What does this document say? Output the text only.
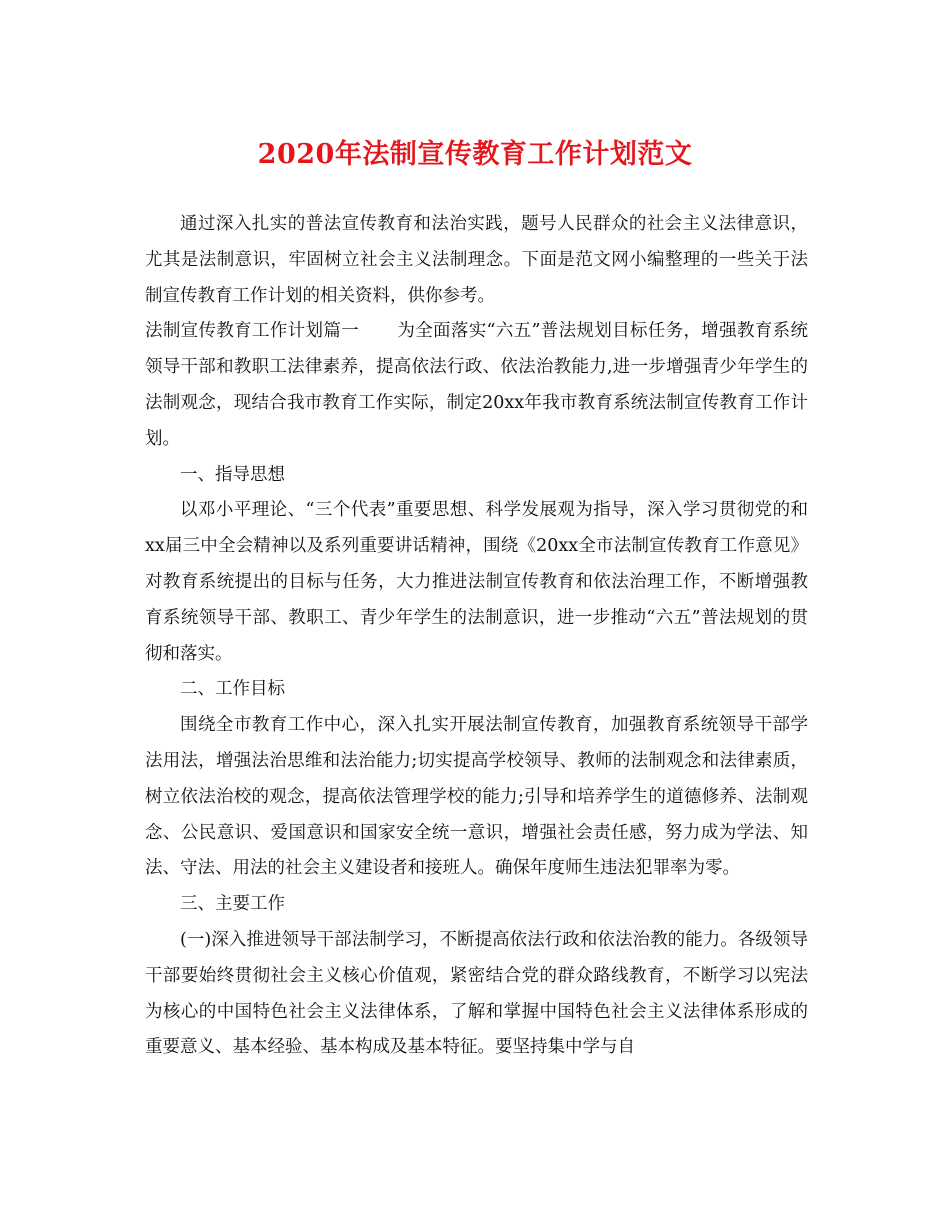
2020年法制宣传教育工作计划范文

通过深入扎实的普法宣传教育和法治实践，题号人民群众的社会主义法律意识，尤其是法制意识，牢固树立社会主义法制理念。下面是范文网小编整理的一些关于法制宣传教育工作计划的相关资料，供你参考。

法制宣传教育工作计划篇一 为全面落实“六五”普法规划目标任务，增强教育系统领导干部和教职工法律素养，提高依法行政、依法治教能力,进一步增强青少年学生的法制观念，现结合我市教育工作实际，制定20xx年我市教育系统法制宣传教育工作计划。

一、指导思想

以邓小平理论、“三个代表”重要思想、科学发展观为指导，深入学习贯彻党的和xx届三中全会精神以及系列重要讲话精神，围绕《20xx全市法制宣传教育工作意见》对教育系统提出的目标与任务，大力推进法制宣传教育和依法治理工作，不断增强教育系统领导干部、教职工、青少年学生的法制意识，进一步推动“六五”普法规划的贯彻和落实。

二、工作目标

围绕全市教育工作中心，深入扎实开展法制宣传教育，加强教育系统领导干部学法用法，增强法治思维和法治能力;切实提高学校领导、教师的法制观念和法律素质，树立依法治校的观念，提高依法管理学校的能力;引导和培养学生的道德修养、法制观念、公民意识、爱国意识和国家安全统一意识，增强社会责任感，努力成为学法、知法、守法、用法的社会主义建设者和接班人。确保年度师生违法犯罪率为零。

三、主要工作

(一)深入推进领导干部法制学习，不断提高依法行政和依法治教的能力。各级领导干部要始终贯彻社会主义核心价值观，紧密结合党的群众路线教育，不断学习以宪法为核心的中国特色社会主义法律体系，了解和掌握中国特色社会主义法律体系形成的重要意义、基本经验、基本构成及基本特征。要坚持集中学与自
